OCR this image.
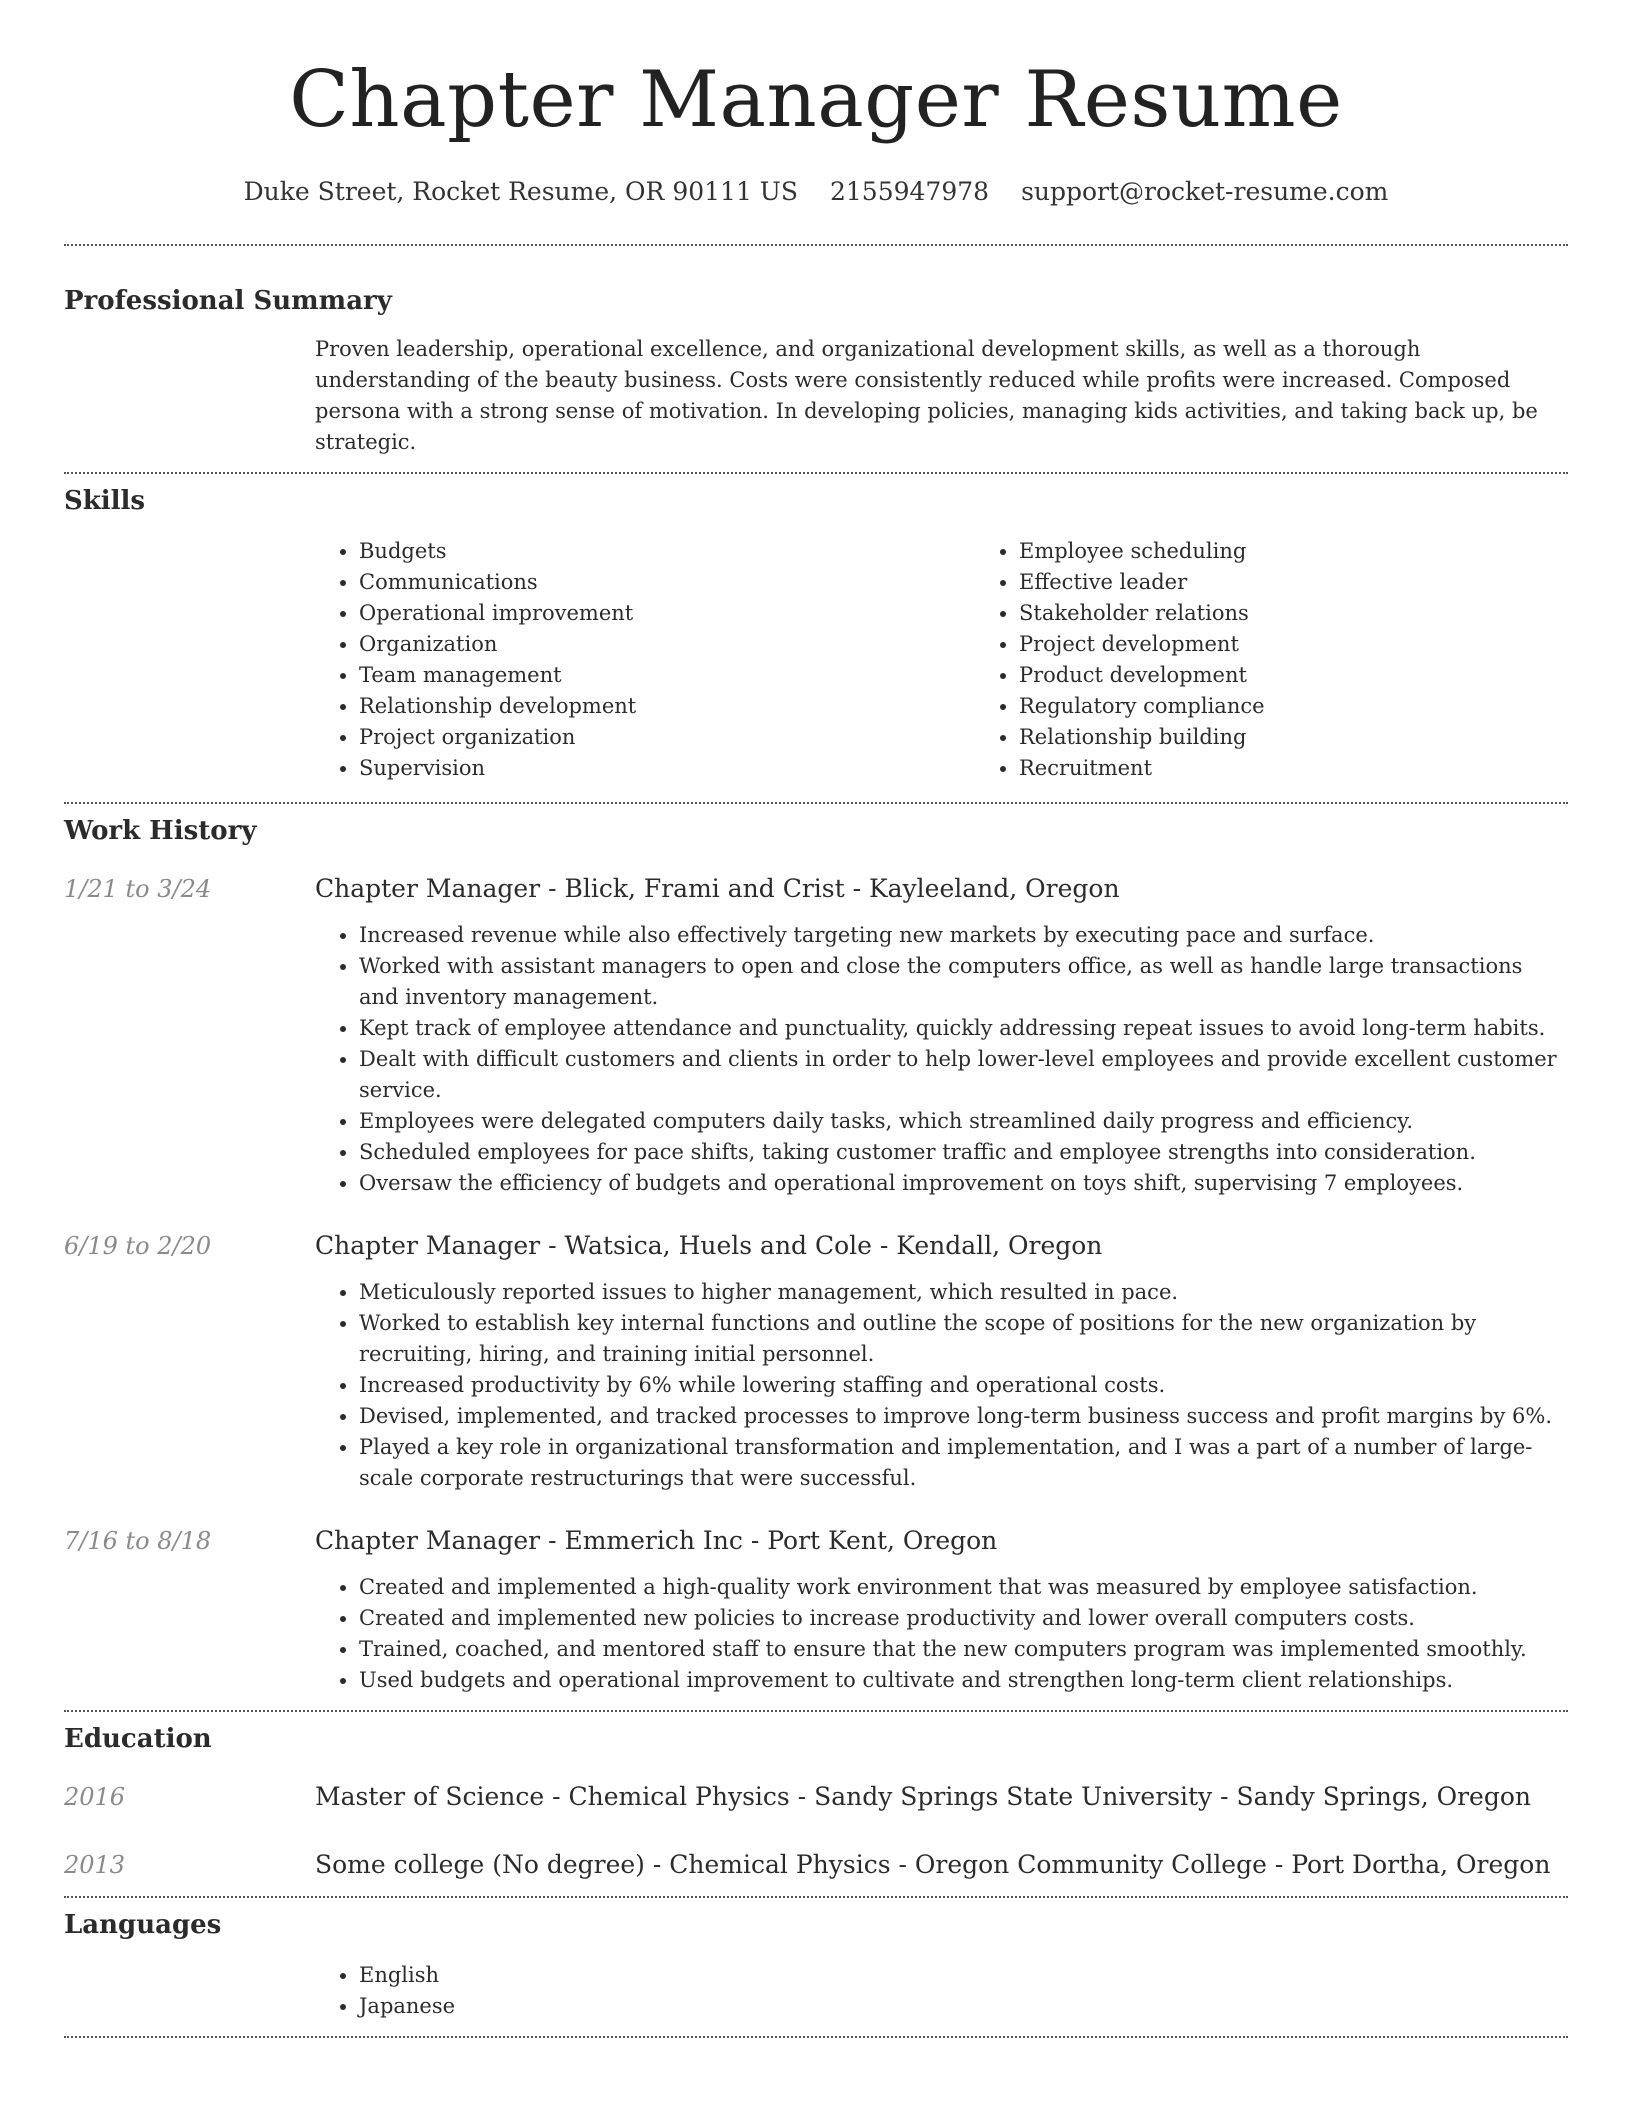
Chapter Manager Resume
Duke Street, Rocket Resume, OR 90111 US 2155947978 support@rocket-resume.com
Professional Summary

Proven leadership, operational excellence, and organizational development skills, as well as a thorough understanding of the beauty business. Costs were consistently reduced while profits were increased. Composed persona with a strong sense of motivation. In developing policies, managing kids activities, and taking back up, be strategic.

Skills
• Budgets
• Communications
• Operational improvement
• Organization
• Team management
• Relationship development
• Project organization
• Supervision
• Employee scheduling
• Effective leader
• Stakeholder relations
• Project development
• Product development
• Regulatory compliance
• Relationship building
• Recruitment
Work History
1/21 to 3/24	Chapter Manager - Blick, Frami and Crist - Kayleeland, Oregon
• Increased revenue while also effectively targeting new markets by executing pace and surface.
• Worked with assistant managers to open and close the computers office, as well as handle large transactions and inventory management.
• Kept track of employee attendance and punctuality, quickly addressing repeat issues to avoid long-term habits.
• Dealt with difficult customers and clients in order to help lower-level employees and provide excellent customer service.
• Employees were delegated computers daily tasks, which streamlined daily progress and efficiency.
• Scheduled employees for pace shifts, taking customer traffic and employee strengths into consideration.
• Oversaw the efficiency of budgets and operational improvement on toys shift, supervising 7 employees.
6/19 to 2/20	Chapter Manager - Watsica, Huels and Cole - Kendall, Oregon
• Meticulously reported issues to higher management, which resulted in pace.
• Worked to establish key internal functions and outline the scope of positions for the new organization by recruiting, hiring, and training initial personnel.
• Increased productivity by 6% while lowering staffing and operational costs.
• Devised, implemented, and tracked processes to improve long-term business success and profit margins by 6%.
• Played a key role in organizational transformation and implementation, and I was a part of a number of large-scale corporate restructurings that were successful.
7/16 to 8/18	Chapter Manager - Emmerich Inc - Port Kent, Oregon
• Created and implemented a high-quality work environment that was measured by employee satisfaction.
• Created and implemented new policies to increase productivity and lower overall computers costs.
• Trained, coached, and mentored staff to ensure that the new computers program was implemented smoothly.
• Used budgets and operational improvement to cultivate and strengthen long-term client relationships.
Education
2016	Master of Science - Chemical Physics - Sandy Springs State University - Sandy Springs, Oregon
2013	Some college (No degree) - Chemical Physics - Oregon Community College - Port Dortha, Oregon
Languages
• English
• Japanese
